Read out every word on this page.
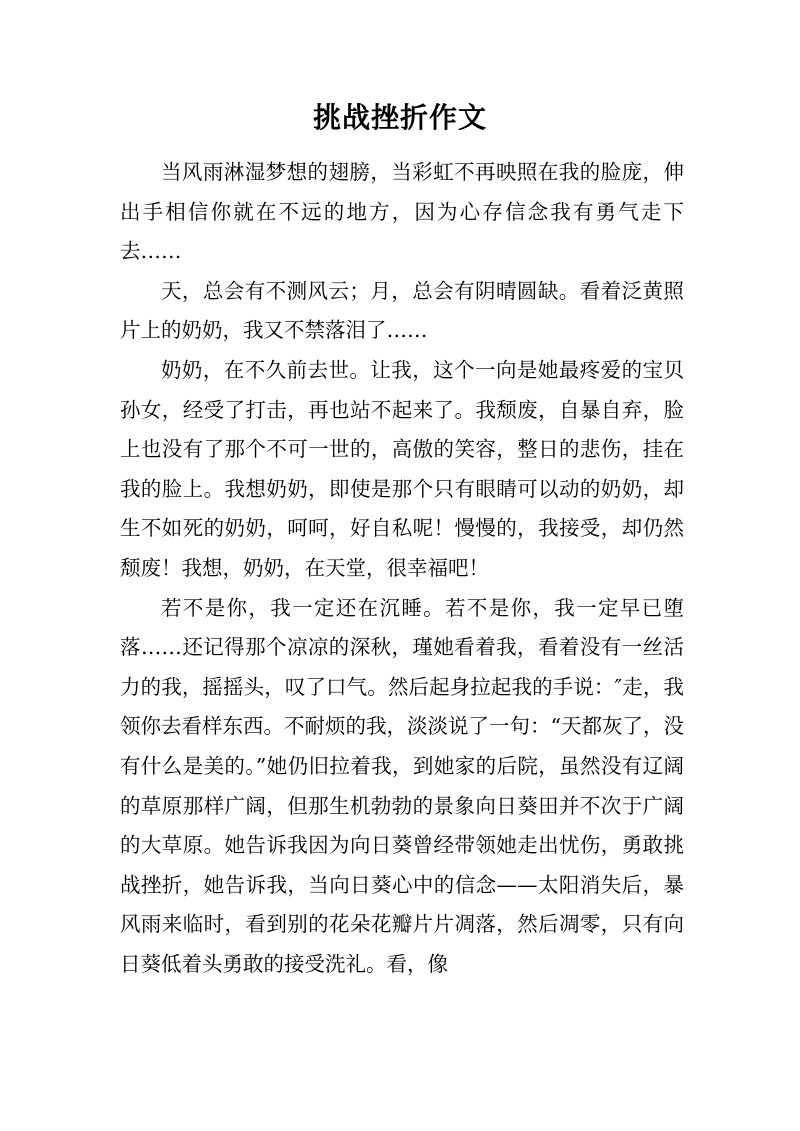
挑战挫折作文

当风雨淋湿梦想的翅膀，当彩虹不再映照在我的脸庞，伸出手相信你就在不远的地方，因为心存信念我有勇气走下去……

天，总会有不测风云；月，总会有阴晴圆缺。看着泛黄照片上的奶奶，我又不禁落泪了……

奶奶，在不久前去世。让我，这个一向是她最疼爱的宝贝孙女，经受了打击，再也站不起来了。我颓废，自暴自弃，脸上也没有了那个不可一世的，高傲的笑容，整日的悲伤，挂在我的脸上。我想奶奶，即使是那个只有眼睛可以动的奶奶，却生不如死的奶奶，呵呵，好自私呢！慢慢的，我接受，却仍然颓废！我想，奶奶，在天堂，很幸福吧！

若不是你，我一定还在沉睡。若不是你，我一定早已堕落……还记得那个凉凉的深秋，瑾她看着我，看着没有一丝活力的我，摇摇头，叹了口气。然后起身拉起我的手说：″走，我领你去看样东西。不耐烦的我，淡淡说了一句：“天都灰了，没有什么是美的。”她仍旧拉着我，到她家的后院，虽然没有辽阔的草原那样广阔，但那生机勃勃的景象向日葵田并不次于广阔的大草原。她告诉我因为向日葵曾经带领她走出忧伤，勇敢挑战挫折，她告诉我，当向日葵心中的信念——太阳消失后，暴风雨来临时，看到别的花朵花瓣片片凋落，然后凋零，只有向日葵低着头勇敢的接受洗礼。看，像
